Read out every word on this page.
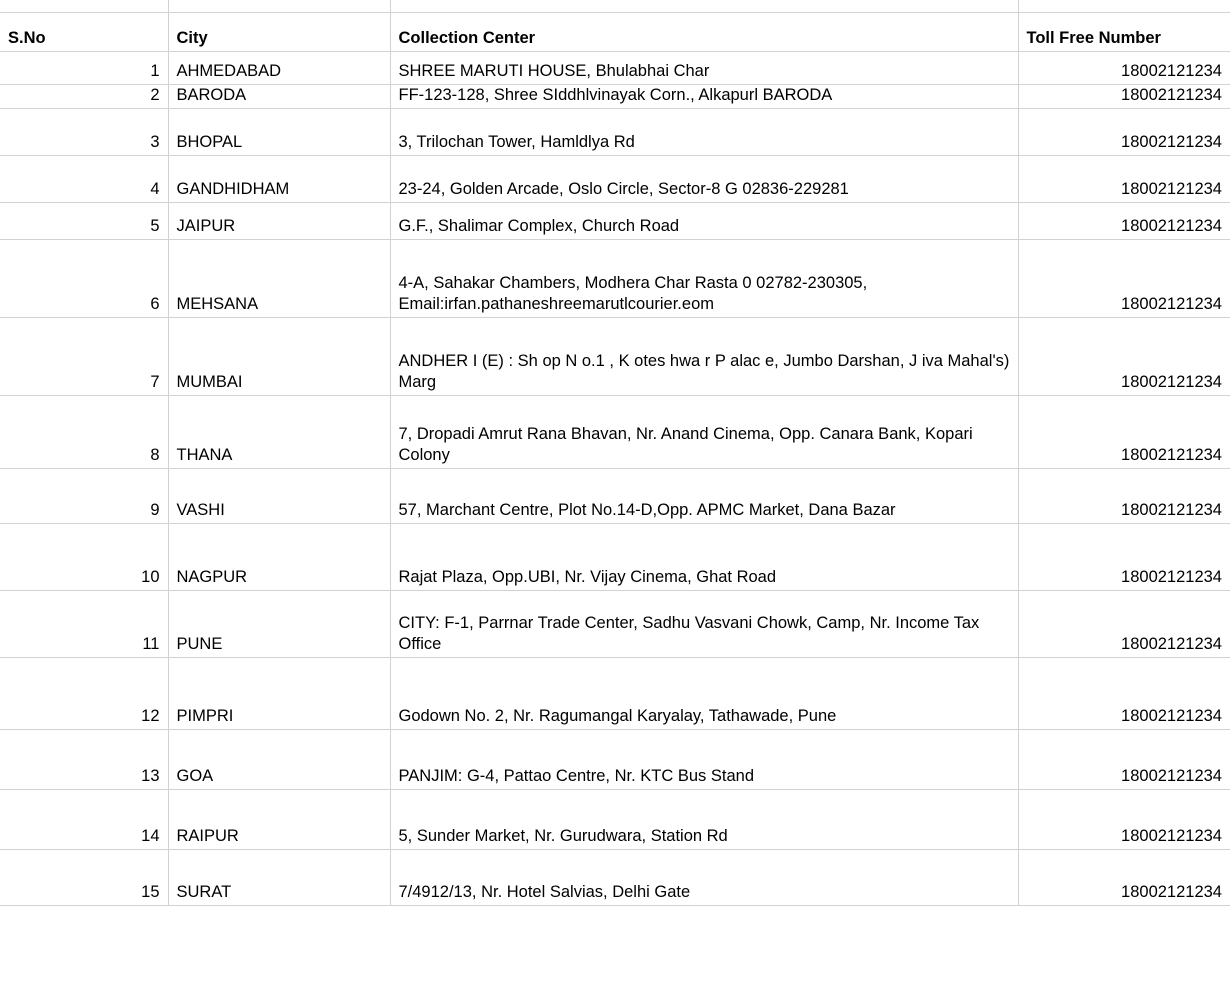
S.No	City	Collection Center	Toll Free Number

1	AHMEDABAD	SHREE MARUTI HOUSE, Bhulabhai Char	18002121234

2	BARODA	FF-123-128, Shree SIddhlvinayak Corn., Alkapurl BARODA	18002121234

3	BHOPAL	3, Trilochan Tower, Hamldlya Rd	18002121234

4	GANDHIDHAM	23-24, Golden Arcade, Oslo Circle, Sector-8 G 02836-229281	18002121234

5	JAIPUR	G.F., Shalimar Complex, Church Road	18002121234

6	MEHSANA	4-A, Sahakar Chambers, Modhera Char Rasta 0 02782-230305, Email:irfan.pathaneshreemarutlcourier.eom	18002121234

7	MUMBAI	ANDHER I (E) : Sh op N o.1 , K otes hwa r P alac e, Jumbo Darshan, J iva Mahal's) Marg	18002121234

8	THANA	7, Dropadi Amrut Rana Bhavan, Nr. Anand Cinema, Opp. Canara Bank, Kopari Colony	18002121234

9	VASHI	57, Marchant Centre, Plot No.14-D,Opp. APMC Market, Dana Bazar	18002121234

10	NAGPUR	Rajat Plaza, Opp.UBI, Nr. Vijay Cinema, Ghat Road	18002121234

11	PUNE	CITY: F-1, Parrnar Trade Center, Sadhu Vasvani Chowk, Camp, Nr. Income Tax Office	18002121234

12	PIMPRI	Godown No. 2, Nr. Ragumangal Karyalay, Tathawade, Pune	18002121234

13	GOA	PANJIM: G-4, Pattao Centre, Nr. KTC Bus Stand	18002121234

14	RAIPUR	5, Sunder Market, Nr. Gurudwara, Station Rd	18002121234

15	SURAT	7/4912/13, Nr. Hotel Salvias, Delhi Gate	18002121234
